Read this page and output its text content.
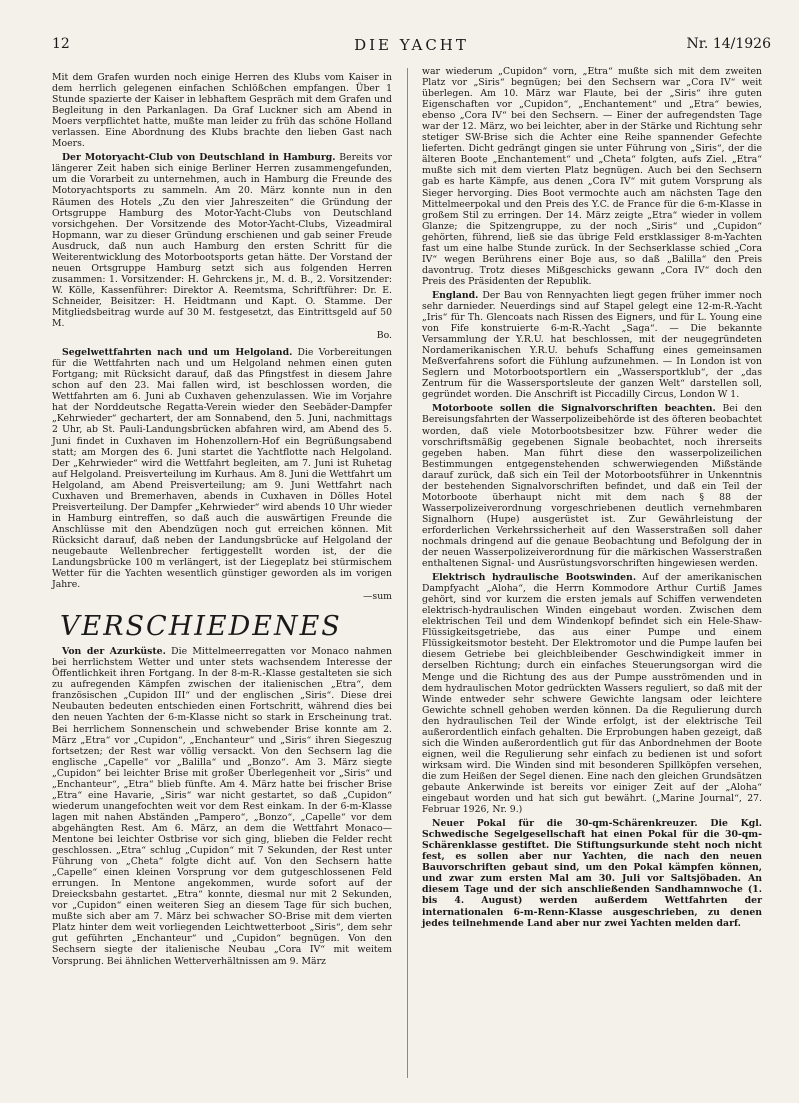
12	DIE YACHT	Nr. 14/1926

Mit dem Grafen wurden noch einige Herren des Klubs vom Kaiser in dem herrlich gelegenen einfachen Schlößchen empfangen. Über 1 Stunde spazierte der Kaiser in lebhaftem Gespräch mit dem Grafen und Begleitung in den Parkanlagen. Da Graf Luckner sich am Abend in Moers verpflichtet hatte, mußte man leider zu früh das schöne Holland verlassen. Eine Abordnung des Klubs brachte den lieben Gast nach Moers.

Der Motoryacht-Club von Deutschland in Hamburg. Bereits vor längerer Zeit haben sich einige Berliner Herren zusammengefunden, um die Vorarbeit zu unternehmen, auch in Hamburg die Freunde des Motoryachtsports zu sammeln. Am 20. März konnte nun in den Räumen des Hotels „Zu den vier Jahreszeiten“ die Gründung der Ortsgruppe Hamburg des Motor-Yacht-Clubs von Deutschland vorsichgehen. Der Vorsitzende des Motor-Yacht-Clubs, Vizeadmiral Hopmann, war zu dieser Gründung erschienen und gab seiner Freude Ausdruck, daß nun auch Hamburg den ersten Schritt für die Weiterentwicklung des Motorbootsports getan hätte. Der Vorstand der neuen Ortsgruppe Hamburg setzt sich aus folgenden Herren zusammen: 1. Vorsitzender: H. Gehrckens jr., M. d. B., 2. Vorsitzender: W. Kölle, Kassenführer: Direktor A. Reemtsma, Schriftführer: Dr. E. Schneider, Beisitzer: H. Heidtmann und Kapt. O. Stamme. Der Mitgliedsbeitrag wurde auf 30 M. festgesetzt, das Eintrittsgeld auf 50 M.

Bo.

Segelwettfahrten nach und um Helgoland. Die Vorbereitungen für die Wettfahrten nach und um Helgoland nehmen einen guten Fortgang; mit Rücksicht darauf, daß das Pfingstfest in diesem Jahre schon auf den 23. Mai fallen wird, ist beschlossen worden, die Wettfahrten am 6. Juni ab Cuxhaven gehenzulassen. Wie im Vorjahre hat der Norddeutsche Regatta-Verein wieder den Seebäder-Dampfer „Kehrwieder“ gechartert, der am Sonnabend, den 5. Juni, nachmittags 2 Uhr, ab St. Pauli-Landungsbrücken abfahren wird, am Abend des 5. Juni findet in Cuxhaven im Hohenzollern-Hof ein Begrüßungsabend statt; am Morgen des 6. Juni startet die Yachtflotte nach Helgoland. Der „Kehrwieder“ wird die Wettfahrt begleiten, am 7. Juni ist Ruhetag auf Helgoland. Preisverteilung im Kurhaus. Am 8. Juni die Wettfahrt um Helgoland, am Abend Preisverteilung; am 9. Juni Wettfahrt nach Cuxhaven und Bremerhaven, abends in Cuxhaven in Dölles Hotel Preisverteilung. Der Dampfer „Kehrwieder“ wird abends 10 Uhr wieder in Hamburg eintreffen, so daß auch die auswärtigen Freunde die Anschlüsse mit den Abendzügen noch gut erreichen können. Mit Rücksicht darauf, daß neben der Landungsbrücke auf Helgoland der neugebaute Wellenbrecher fertiggestellt worden ist, der die Landungsbrücke 100 m verlängert, ist der Liegeplatz bei stürmischem Wetter für die Yachten wesentlich günstiger geworden als im vorigen Jahre.

—sum

VERSCHIEDENES

Von der Azurküste. Die Mittelmeerregatten vor Monaco nahmen bei herrlichstem Wetter und unter stets wachsendem Interesse der Öffentlichkeit ihren Fortgang. In der 8-m-R.-Klasse gestalteten sie sich zu aufregenden Kämpfen zwischen der italienischen „Etra“, dem französischen „Cupidon III“ und der englischen „Siris“. Diese drei Neubauten bedeuten entschieden einen Fortschritt, während dies bei den neuen Yachten der 6-m-Klasse nicht so stark in Erscheinung trat. Bei herrlichem Sonnenschein und schwebender Brise konnte am 2. März „Etra“ vor „Cupidon“, „Enchanteur“ und „Siris“ ihren Siegeszug fortsetzen; der Rest war völlig versackt. Von den Sechsern lag die englische „Capelle“ vor „Balilla“ und „Bonzo“. Am 3. März siegte „Cupidon“ bei leichter Brise mit großer Überlegenheit vor „Siris“ und „Enchanteur“, „Etra“ blieb fünfte. Am 4. März hatte bei frischer Brise „Etra“ eine Havarie, „Siris“ war nicht gestartet, so daß „Cupidon“ wiederum unangefochten weit vor dem Rest einkam. In der 6-m-Klasse lagen mit nahen Abständen „Pampero“, „Bonzo“, „Capelle“ vor dem abgehängten Rest. Am 6. März, an dem die Wettfahrt Monaco—Mentone bei leichter Ostbrise vor sich ging, blieben die Felder recht geschlossen. „Etra“ schlug „Cupidon“ mit 7 Sekunden, der Rest unter Führung von „Cheta“ folgte dicht auf. Von den Sechsern hatte „Capelle“ einen kleinen Vorsprung vor dem gutgeschlossenen Feld errungen. In Mentone angekommen, wurde sofort auf der Dreiecksbahn gestartet. „Etra“ konnte, diesmal nur mit 2 Sekunden, vor „Cupidon“ einen weiteren Sieg an diesem Tage für sich buchen, mußte sich aber am 7. März bei schwacher SO-Brise mit dem vierten Platz hinter dem weit vorliegenden Leichtwetterboot „Siris“, dem sehr gut geführten „Enchanteur“ und „Cupidon“ begnügen. Von den Sechsern siegte der italienische Neubau „Cora IV“ mit weitem Vorsprung. Bei ähnlichen Wetterverhältnissen am 9. März

war wiederum „Cupidon“ vorn, „Etra“ mußte sich mit dem zweiten Platz vor „Siris“ begnügen; bei den Sechsern war „Cora IV“ weit überlegen. Am 10. März war Flaute, bei der „Siris“ ihre guten Eigenschaften vor „Cupidon“, „Enchantement“ und „Etra“ bewies, ebenso „Cora IV“ bei den Sechsern. — Einer der aufregendsten Tage war der 12. März, wo bei leichter, aber in der Stärke und Richtung sehr stetiger SW-Brise sich die Achter eine Reihe spannender Gefechte lieferten. Dicht gedrängt gingen sie unter Führung von „Siris“, der die älteren Boote „Enchantement“ und „Cheta“ folgten, aufs Ziel. „Etra“ mußte sich mit dem vierten Platz begnügen. Auch bei den Sechsern gab es harte Kämpfe, aus denen „Cora IV“ mit gutem Vorsprung als Sieger hervorging. Dies Boot vermochte auch am nächsten Tage den Mittelmeerpokal und den Preis des Y.C. de France für die 6-m-Klasse in großem Stil zu erringen. Der 14. März zeigte „Etra“ wieder in vollem Glanze; die Spitzengruppe, zu der noch „Siris“ und „Cupidon“ gehörten, führend, ließ sie das übrige Feld erstklassiger 8-m-Yachten fast um eine halbe Stunde zurück. In der Sechserklasse schied „Cora IV“ wegen Berührens einer Boje aus, so daß „Balilla“ den Preis davontrug. Trotz dieses Mißgeschicks gewann „Cora IV“ doch den Preis des Präsidenten der Republik.

England. Der Bau von Rennyachten liegt gegen früher immer noch sehr darnieder. Neuerdings sind auf Stapel gelegt eine 12-m-R.-Yacht „Iris“ für Th. Glencoats nach Rissen des Eigners, und für L. Young eine von Fife konstruierte 6-m-R.-Yacht „Saga“. — Die bekannte Versammlung der Y.R.U. hat beschlossen, mit der neugegründeten Nordamerikanischen Y.R.U. behufs Schaffung eines gemeinsamen Meßverfahrens sofort die Fühlung aufzunehmen. — In London ist von Seglern und Motorbootsportlern ein „Wassersportklub“, der „das Zentrum für die Wassersportsleute der ganzen Welt“ darstellen soll, gegründet worden. Die Anschrift ist Piccadilly Circus, London W 1.

Motorboote sollen die Signalvorschriften beachten. Bei den Bereisungsfahrten der Wasserpolizeibehörde ist des öfteren beobachtet worden, daß viele Motorbootsbesitzer bzw. Führer weder die vorschriftsmäßig gegebenen Signale beobachtet, noch ihrerseits gegeben haben. Man führt diese den wasserpolizeilichen Bestimmungen entgegenstehenden schwerwiegenden Mißstände darauf zurück, daß sich ein Teil der Motorbootsführer in Unkenntnis der bestehenden Signalvorschriften befindet, und daß ein Teil der Motorboote überhaupt nicht mit dem nach § 88 der Wasserpolizeiverordnung vorgeschriebenen deutlich vernehmbaren Signalhorn (Hupe) ausgerüstet ist. Zur Gewährleistung der erforderlichen Verkehrssicherheit auf den Wasserstraßen soll daher nochmals dringend auf die genaue Beobachtung und Befolgung der in der neuen Wasserpolizeiverordnung für die märkischen Wasserstraßen enthaltenen Signal- und Ausrüstungsvorschriften hingewiesen werden.

Elektrisch hydraulische Bootswinden. Auf der amerikanischen Dampfyacht „Aloha“, die Herrn Kommodore Arthur Curtiß James gehört, sind vor kurzem die ersten jemals auf Schiffen verwendeten elektrisch-hydraulischen Winden eingebaut worden. Zwischen dem elektrischen Teil und dem Windenkopf befindet sich ein Hele-Shaw-Flüssigkeitsgetriebe, das aus einer Pumpe und einem Flüssigkeitsmotor besteht. Der Elektromotor und die Pumpe laufen bei diesem Getriebe bei gleichbleibender Geschwindigkeit immer in derselben Richtung; durch ein einfaches Steuerungsorgan wird die Menge und die Richtung des aus der Pumpe ausströmenden und in dem hydraulischen Motor gedrückten Wassers reguliert, so daß mit der Winde entweder sehr schwere Gewichte langsam oder leichtere Gewichte schnell gehoben werden können. Da die Regulierung durch den hydraulischen Teil der Winde erfolgt, ist der elektrische Teil außerordentlich einfach gehalten. Die Erprobungen haben gezeigt, daß sich die Winden außerordentlich gut für das Anbordnehmen der Boote eignen, weil die Regulierung sehr einfach zu bedienen ist und sofort wirksam wird. Die Winden sind mit besonderen Spillköpfen versehen, die zum Heißen der Segel dienen. Eine nach den gleichen Grundsätzen gebaute Ankerwinde ist bereits vor einiger Zeit auf der „Aloha“ eingebaut worden und hat sich gut bewährt. („Marine Journal“, 27. Februar 1926, Nr. 9.)

Neuer Pokal für die 30-qm-Schärenkreuzer. Die Kgl. Schwedische Segelgesellschaft hat einen Pokal für die 30-qm-Schärenklasse gestiftet. Die Stiftungsurkunde steht noch nicht fest, es sollen aber nur Yachten, die nach den neuen Bauvorschriften gebaut sind, um den Pokal kämpfen können, und zwar zum ersten Mal am 30. Juli vor Saltsjöbaden. An diesem Tage und der sich anschließenden Sandhamnwoche (1. bis 4. August) werden außerdem Wettfahrten der internationalen 6-m-Renn-Klasse ausgeschrieben, zu denen jedes teilnehmende Land aber nur zwei Yachten melden darf.
